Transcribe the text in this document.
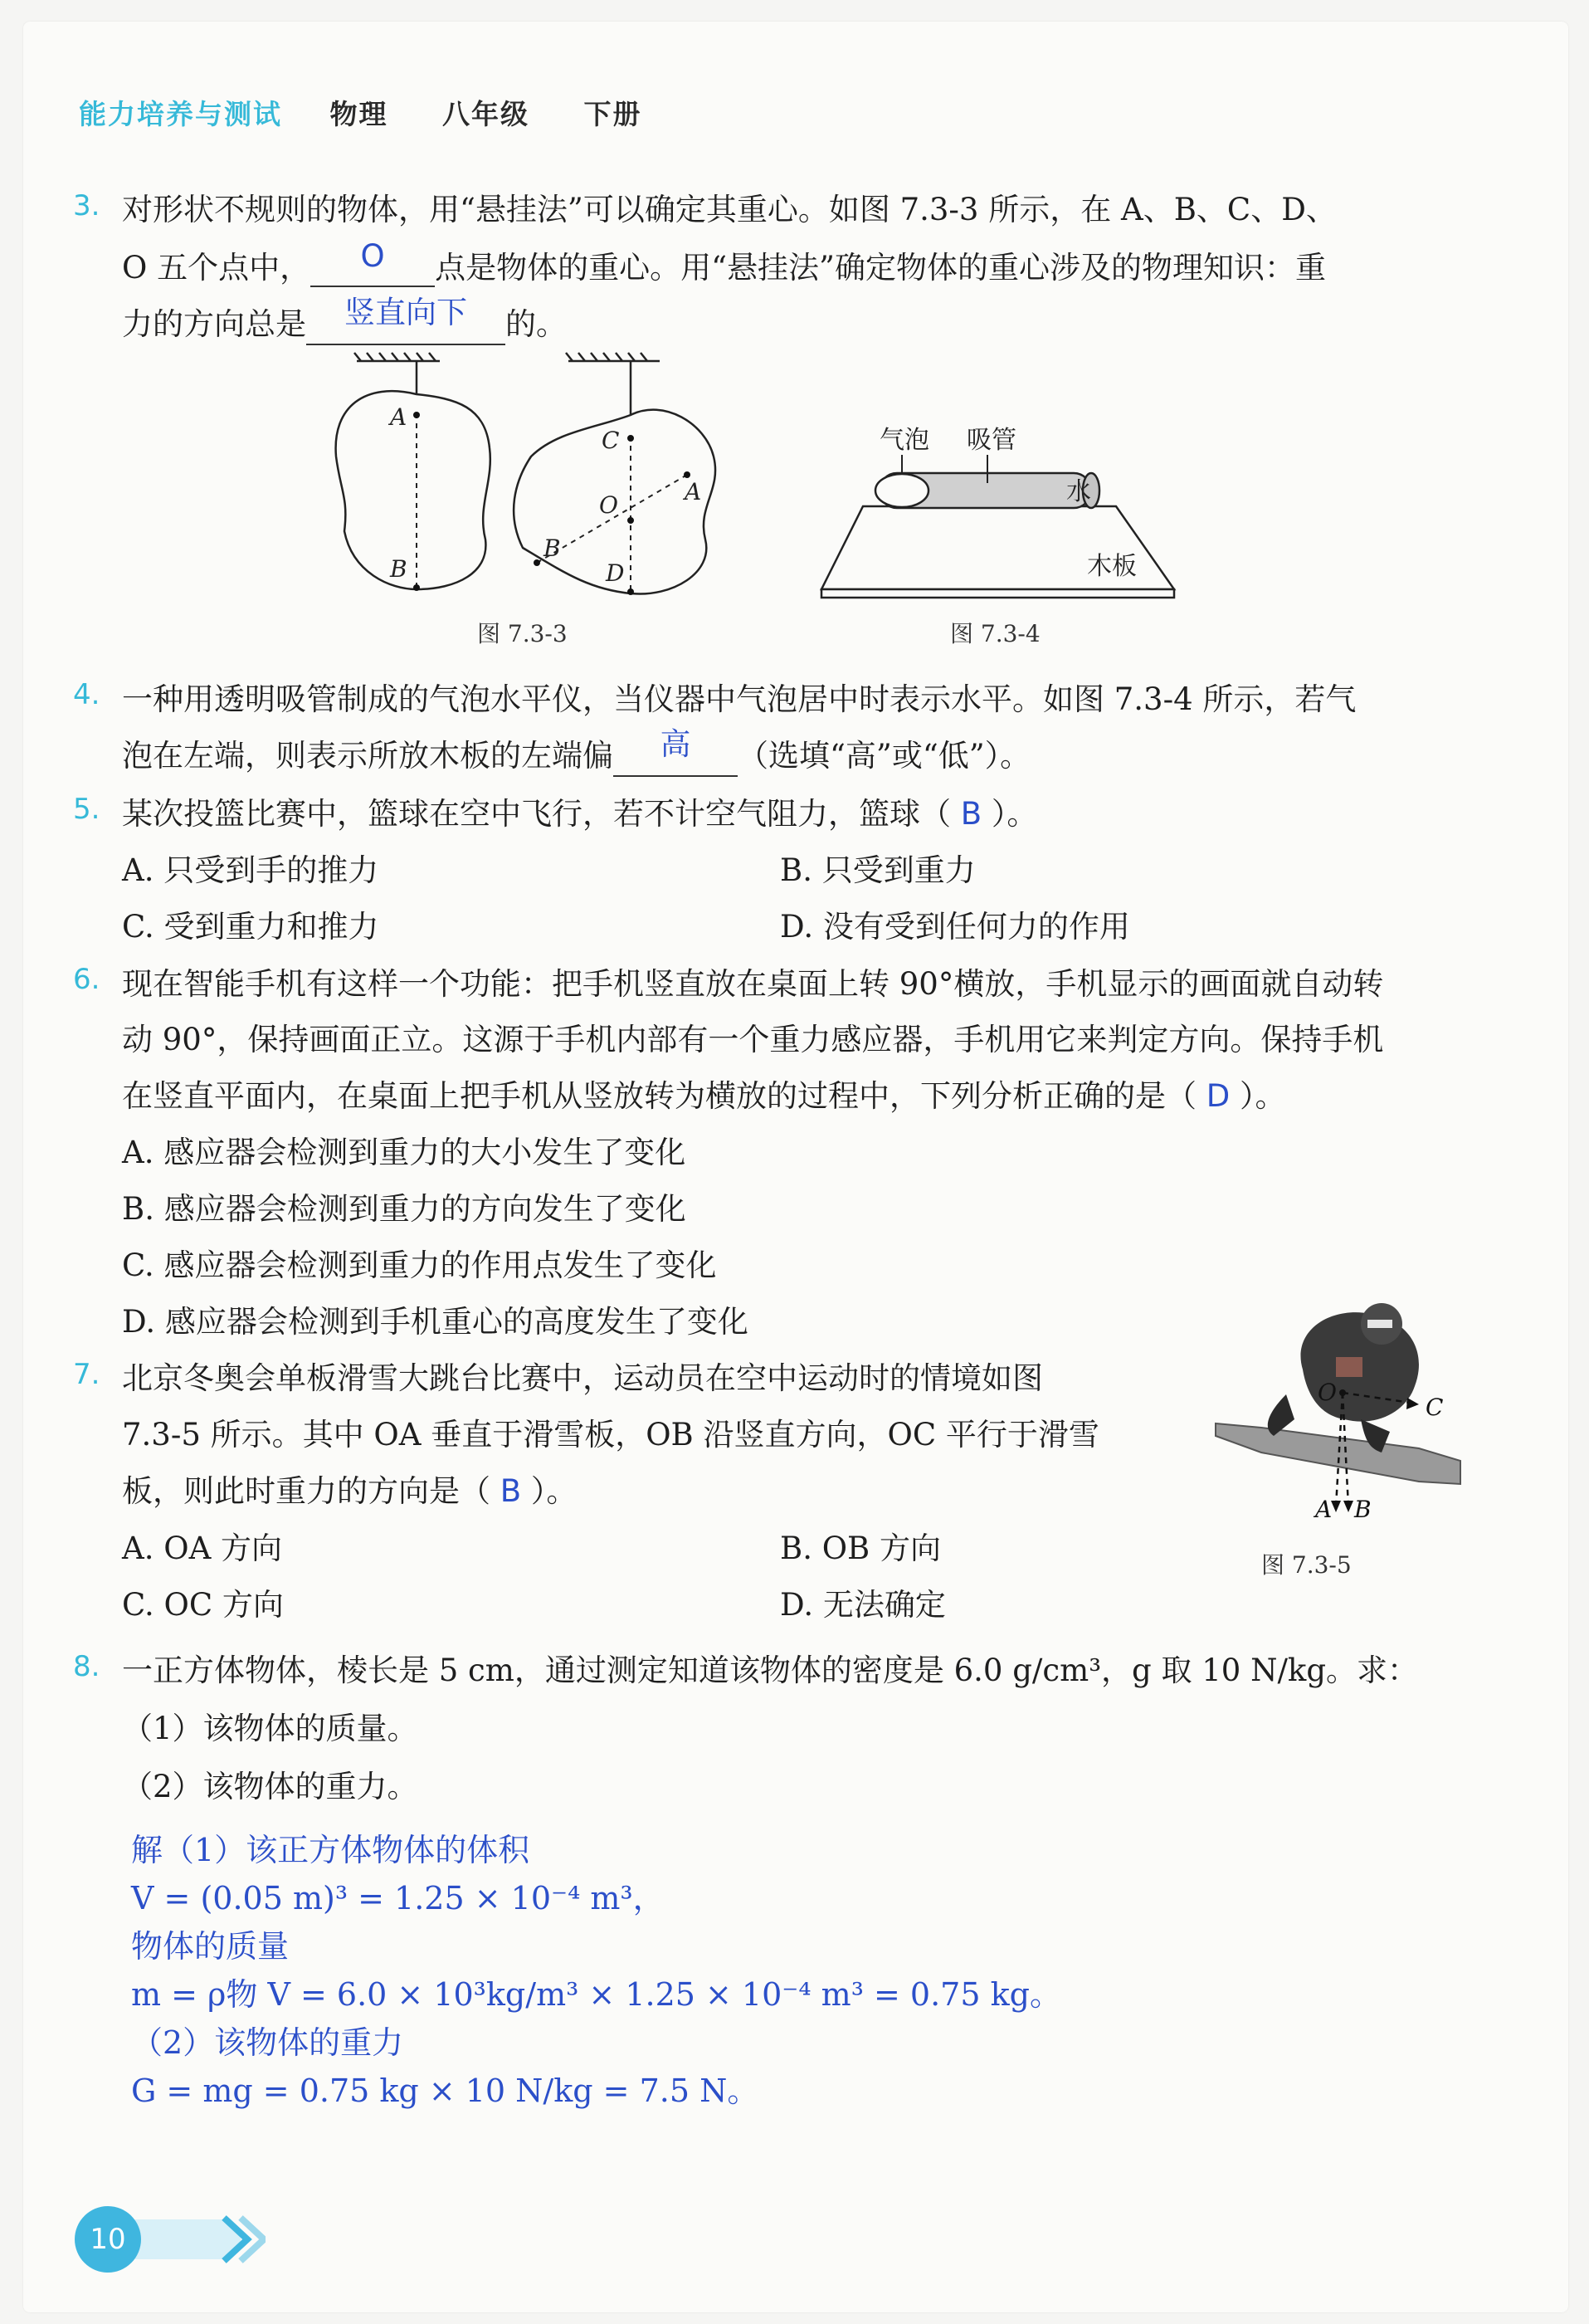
能力培养与测试 物理 八年级 下册
3. 对形状不规则的物体，用“悬挂法”可以确定其重心。如图 7.3-3 所示，在 A、B、C、D、
O 五个点中， O 点是物体的重心。用“悬挂法”确定物体的重心涉及的物理知识：重
力的方向总是 竖直向下 的。
A
B
C
O	A
B
D
图 7.3-3
气泡 吸管
水
木板
图 7.3-4
4. 一种用透明吸管制成的气泡水平仪，当仪器中气泡居中时表示水平。如图 7.3-4 所示，若气
泡在左端，则表示所放木板的左端偏 高 （选填“高”或“低”）。
5. 某次投篮比赛中，篮球在空中飞行，若不计空气阻力，篮球（ B ）。
A. 只受到手的推力	B. 只受到重力
C. 受到重力和推力	D. 没有受到任何力的作用
6. 现在智能手机有这样一个功能：把手机竖直放在桌面上转 90°横放，手机显示的画面就自动转
动 90°，保持画面正立。这源于手机内部有一个重力感应器，手机用它来判定方向。保持手机
在竖直平面内，在桌面上把手机从竖放转为横放的过程中，下列分析正确的是（ D ）。
A. 感应器会检测到重力的大小发生了变化
B. 感应器会检测到重力的方向发生了变化
C. 感应器会检测到重力的作用点发生了变化
D. 感应器会检测到手机重心的高度发生了变化
7. 北京冬奥会单板滑雪大跳台比赛中，运动员在空中运动时的情境如图
7.3-5 所示。其中 OA 垂直于滑雪板，OB 沿竖直方向，OC 平行于滑雪
板，则此时重力的方向是（ B ）。
A. OA 方向	B. OB 方向
C. OC 方向	D. 无法确定
O
C
A B
图 7.3-5
8. 一正方体物体，棱长是 5 cm，通过测定知道该物体的密度是 6.0 g/cm³，g 取 10 N/kg。求：
（1）该物体的质量。
（2）该物体的重力。
解（1）该正方体物体的体积
V = (0.05 m)³ = 1.25 × 10⁻⁴ m³，
物体的质量
m = ρ物 V = 6.0 × 10³kg/m³ × 1.25 × 10⁻⁴ m³ = 0.75 kg。
（2）该物体的重力
G = mg = 0.75 kg × 10 N/kg = 7.5 N。
10
